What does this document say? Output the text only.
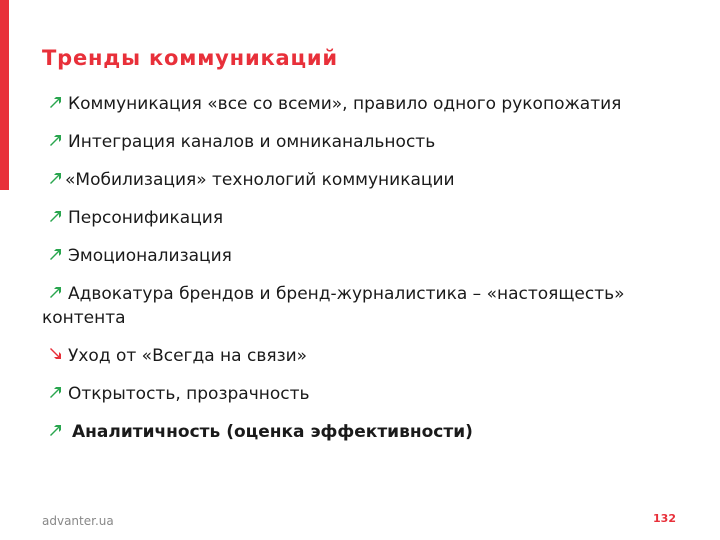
Тренды коммуникаций
Коммуникация «все со всеми», правило одного рукопожатия
Интеграция каналов и омниканальность
«Мобилизация» технологий коммуникации
Персонификация
Эмоционализация
Адвокатура брендов и бренд-журналистика – «настоящесть» контента
Уход от «Всегда на связи»
Открытость, прозрачность
Аналитичность (оценка эффективности)
advanter.ua	132
